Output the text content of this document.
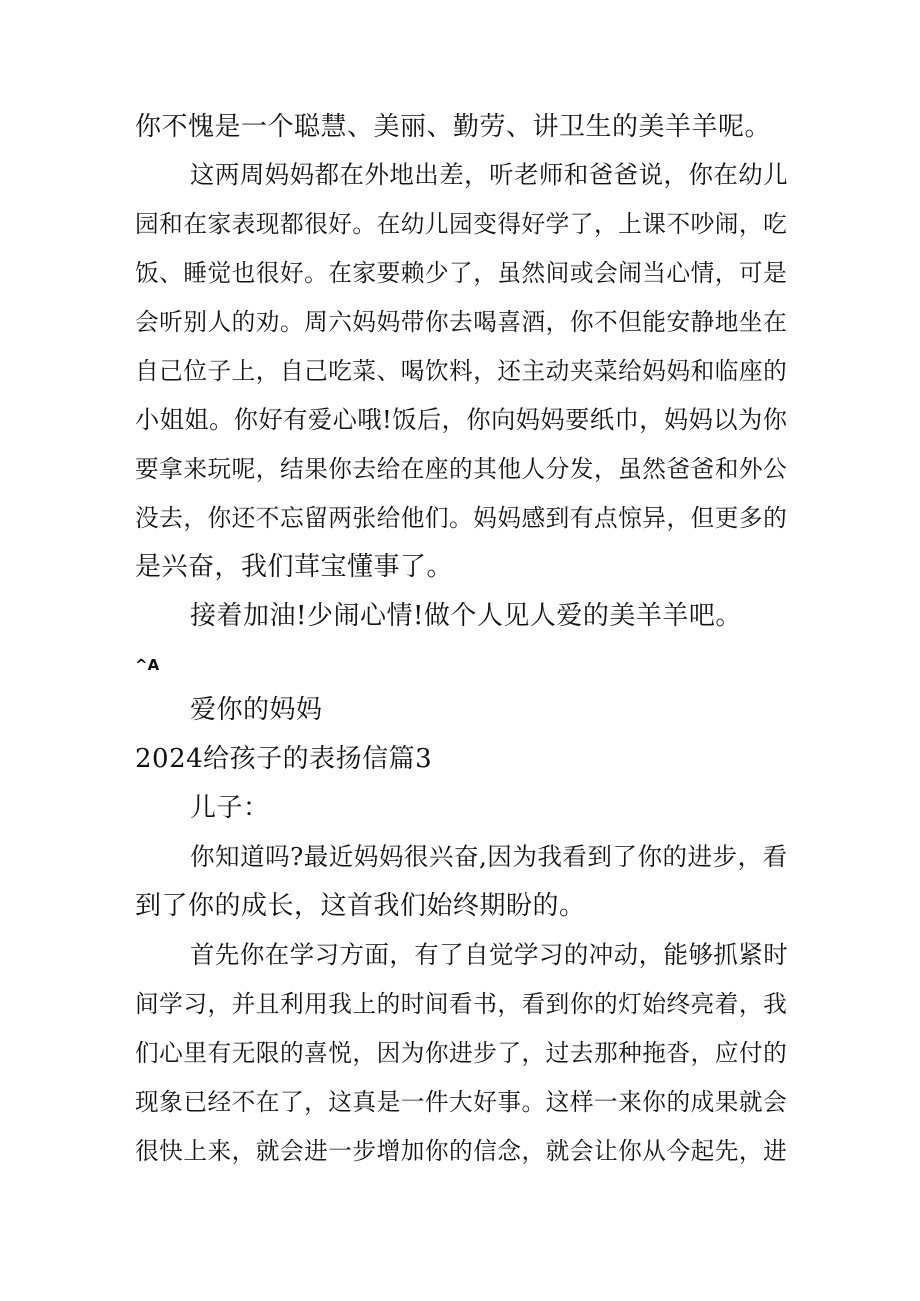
你不愧是一个聪慧、美丽、勤劳、讲卫生的美羊羊呢。
这两周妈妈都在外地出差，听老师和爸爸说，你在幼儿
园和在家表现都很好。在幼儿园变得好学了，上课不吵闹，吃
饭、睡觉也很好。在家要赖少了，虽然间或会闹当心情，可是
会听别人的劝。周六妈妈带你去喝喜酒，你不但能安静地坐在
自己位子上，自己吃菜、喝饮料，还主动夹菜给妈妈和临座的
小姐姐。你好有爱心哦!饭后，你向妈妈要纸巾，妈妈以为你
要拿来玩呢，结果你去给在座的其他人分发，虽然爸爸和外公
没去，你还不忘留两张给他们。妈妈感到有点惊异，但更多的
是兴奋，我们茸宝懂事了。
接着加油!少闹心情!做个人见人爱的美羊羊吧。
^A
爱你的妈妈
2024给孩子的表扬信篇3
儿子：
你知道吗?最近妈妈很兴奋,因为我看到了你的进步，看
到了你的成长，这首我们始终期盼的。
首先你在学习方面，有了自觉学习的冲动，能够抓紧时
间学习，并且利用我上的时间看书，看到你的灯始终亮着，我
们心里有无限的喜悦，因为你进步了，过去那种拖沓，应付的
现象已经不在了，这真是一件大好事。这样一来你的成果就会
很快上来，就会进一步增加你的信念，就会让你从今起先，进
